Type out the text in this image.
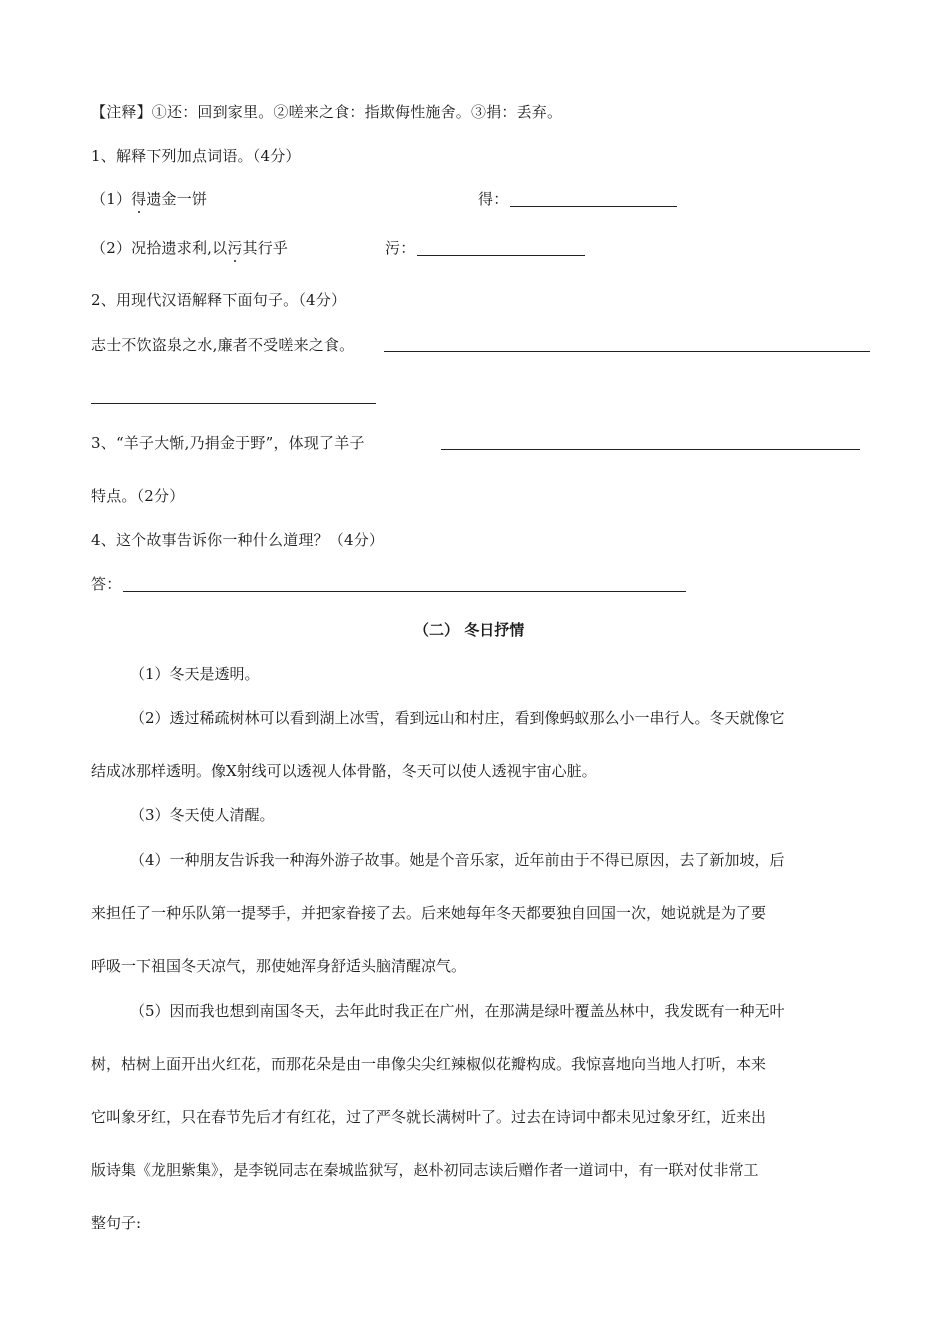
【注释】①还：回到家里。②嗟来之食：指欺侮性施舍。③捐：丢弃。
1、解释下列加点词语。（4分）
（1）得遗金一饼	得：
（2）况拾遗求利,以污其行乎	污：
2、用现代汉语解释下面句子。（4分）
志士不饮盗泉之水,廉者不受嗟来之食。
3、“羊子大惭,乃捐金于野”，体现了羊子
特点。（2分）
4、这个故事告诉你一种什么道理？（4分）
答：
（二） 冬日抒情
（1）冬天是透明。
（2）透过稀疏树林可以看到湖上冰雪，看到远山和村庄，看到像蚂蚁那么小一串行人。冬天就像它
结成冰那样透明。像X射线可以透视人体骨骼，冬天可以使人透视宇宙心脏。
（3）冬天使人清醒。
（4）一种朋友告诉我一种海外游子故事。她是个音乐家，近年前由于不得已原因，去了新加坡，后
来担任了一种乐队第一提琴手，并把家眷接了去。后来她每年冬天都要独自回国一次，她说就是为了要
呼吸一下祖国冬天凉气，那使她浑身舒适头脑清醒凉气。
（5）因而我也想到南国冬天，去年此时我正在广州，在那满是绿叶覆盖丛林中，我发既有一种无叶
树，枯树上面开出火红花，而那花朵是由一串像尖尖红辣椒似花瓣构成。我惊喜地向当地人打听，本来
它叫象牙红，只在春节先后才有红花，过了严冬就长满树叶了。过去在诗词中都未见过象牙红，近来出
版诗集《龙胆紫集》，是李锐同志在秦城监狱写，赵朴初同志读后赠作者一道词中，有一联对仗非常工
整句子:
